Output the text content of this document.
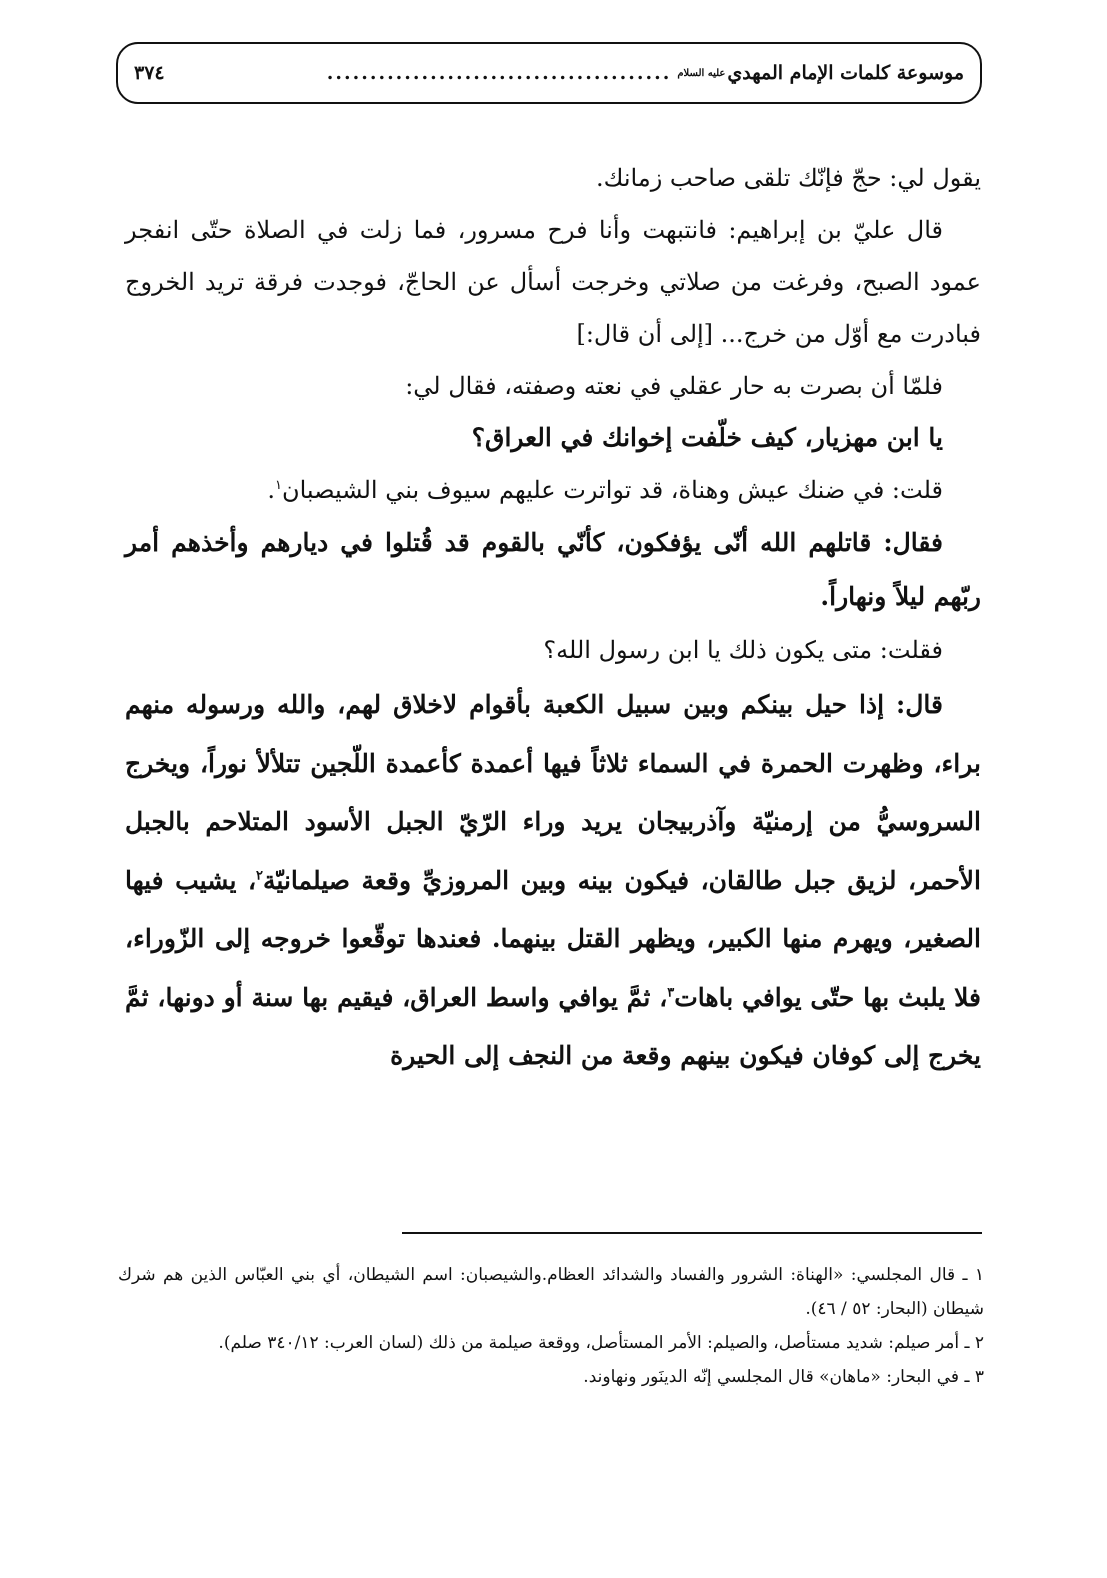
موسوعة كلمات الإمام المهدي
عليه السلام
........................................
٣٧٤

يقول لي: حجّ فإنّك تلقى صاحب زمانك.

قال عليّ بن إبراهيم: فانتبهت وأنا فرح مسرور، فما زلت في الصلاة حتّى انفجر عمود الصبح، وفرغت من صلاتي وخرجت أسأل عن الحاجّ، فوجدت فرقة تريد الخروج فبادرت مع أوّل من خرج... [إلى أن قال:]

فلمّا أن بصرت به حار عقلي في نعته وصفته، فقال لي:

يا ابن مهزيار، كيف خلّفت إخوانك في العراق؟

قلت: في ضنك عيش وهناة، قد تواترت عليهم سيوف بني الشيصبان$^١$.

فقال: قاتلهم الله أنّى يؤفكون، كأنّي بالقوم قد قُتلوا في ديارهم وأخذهم أمر ربّهم ليلاً ونهاراً.

فقلت: متى يكون ذلك يا ابن رسول الله؟

قال: إذا حيل بينكم وبين سبيل الكعبة بأقوام لاخلاق لهم، والله ورسوله منهم براء، وظهرت الحمرة في السماء ثلاثاً فيها أعمدة كأعمدة اللّجين تتلألأ نوراً، ويخرج السروسيُّ من إرمنيّة وآذربيجان يريد وراء الرّيّ الجبل الأسود المتلاحم بالجبل الأحمر، لزيق جبل طالقان، فيكون بينه وبين المروزيِّ وقعة صيلمانيّة$^٢$، يشيب فيها الصغير، ويهرم منها الكبير، ويظهر القتل بينهما. فعندها توقّعوا خروجه إلى الزّوراء، فلا يلبث بها حتّى يوافي باهات$^٣$، ثمَّ يوافي واسط العراق، فيقيم بها سنة أو دونها، ثمَّ يخرج إلى كوفان فيكون بينهم وقعة من النجف إلى الحيرة

١ ـ قال المجلسي: «الهناة: الشرور والفساد والشدائد العظام.والشيصبان: اسم الشيطان، أي بني العبّاس الذين هم شرك شيطان (البحار: ٥٢ / ٤٦).

٢ ـ أمر صيلم: شديد مستأصل، والصيلم: الأمر المستأصل، ووقعة صيلمة من ذلك (لسان العرب: ٣٤٠/١٢ صلم).

٣ ـ في البحار: «ماهان» قال المجلسي إنّه الدينَور ونهاوند.
